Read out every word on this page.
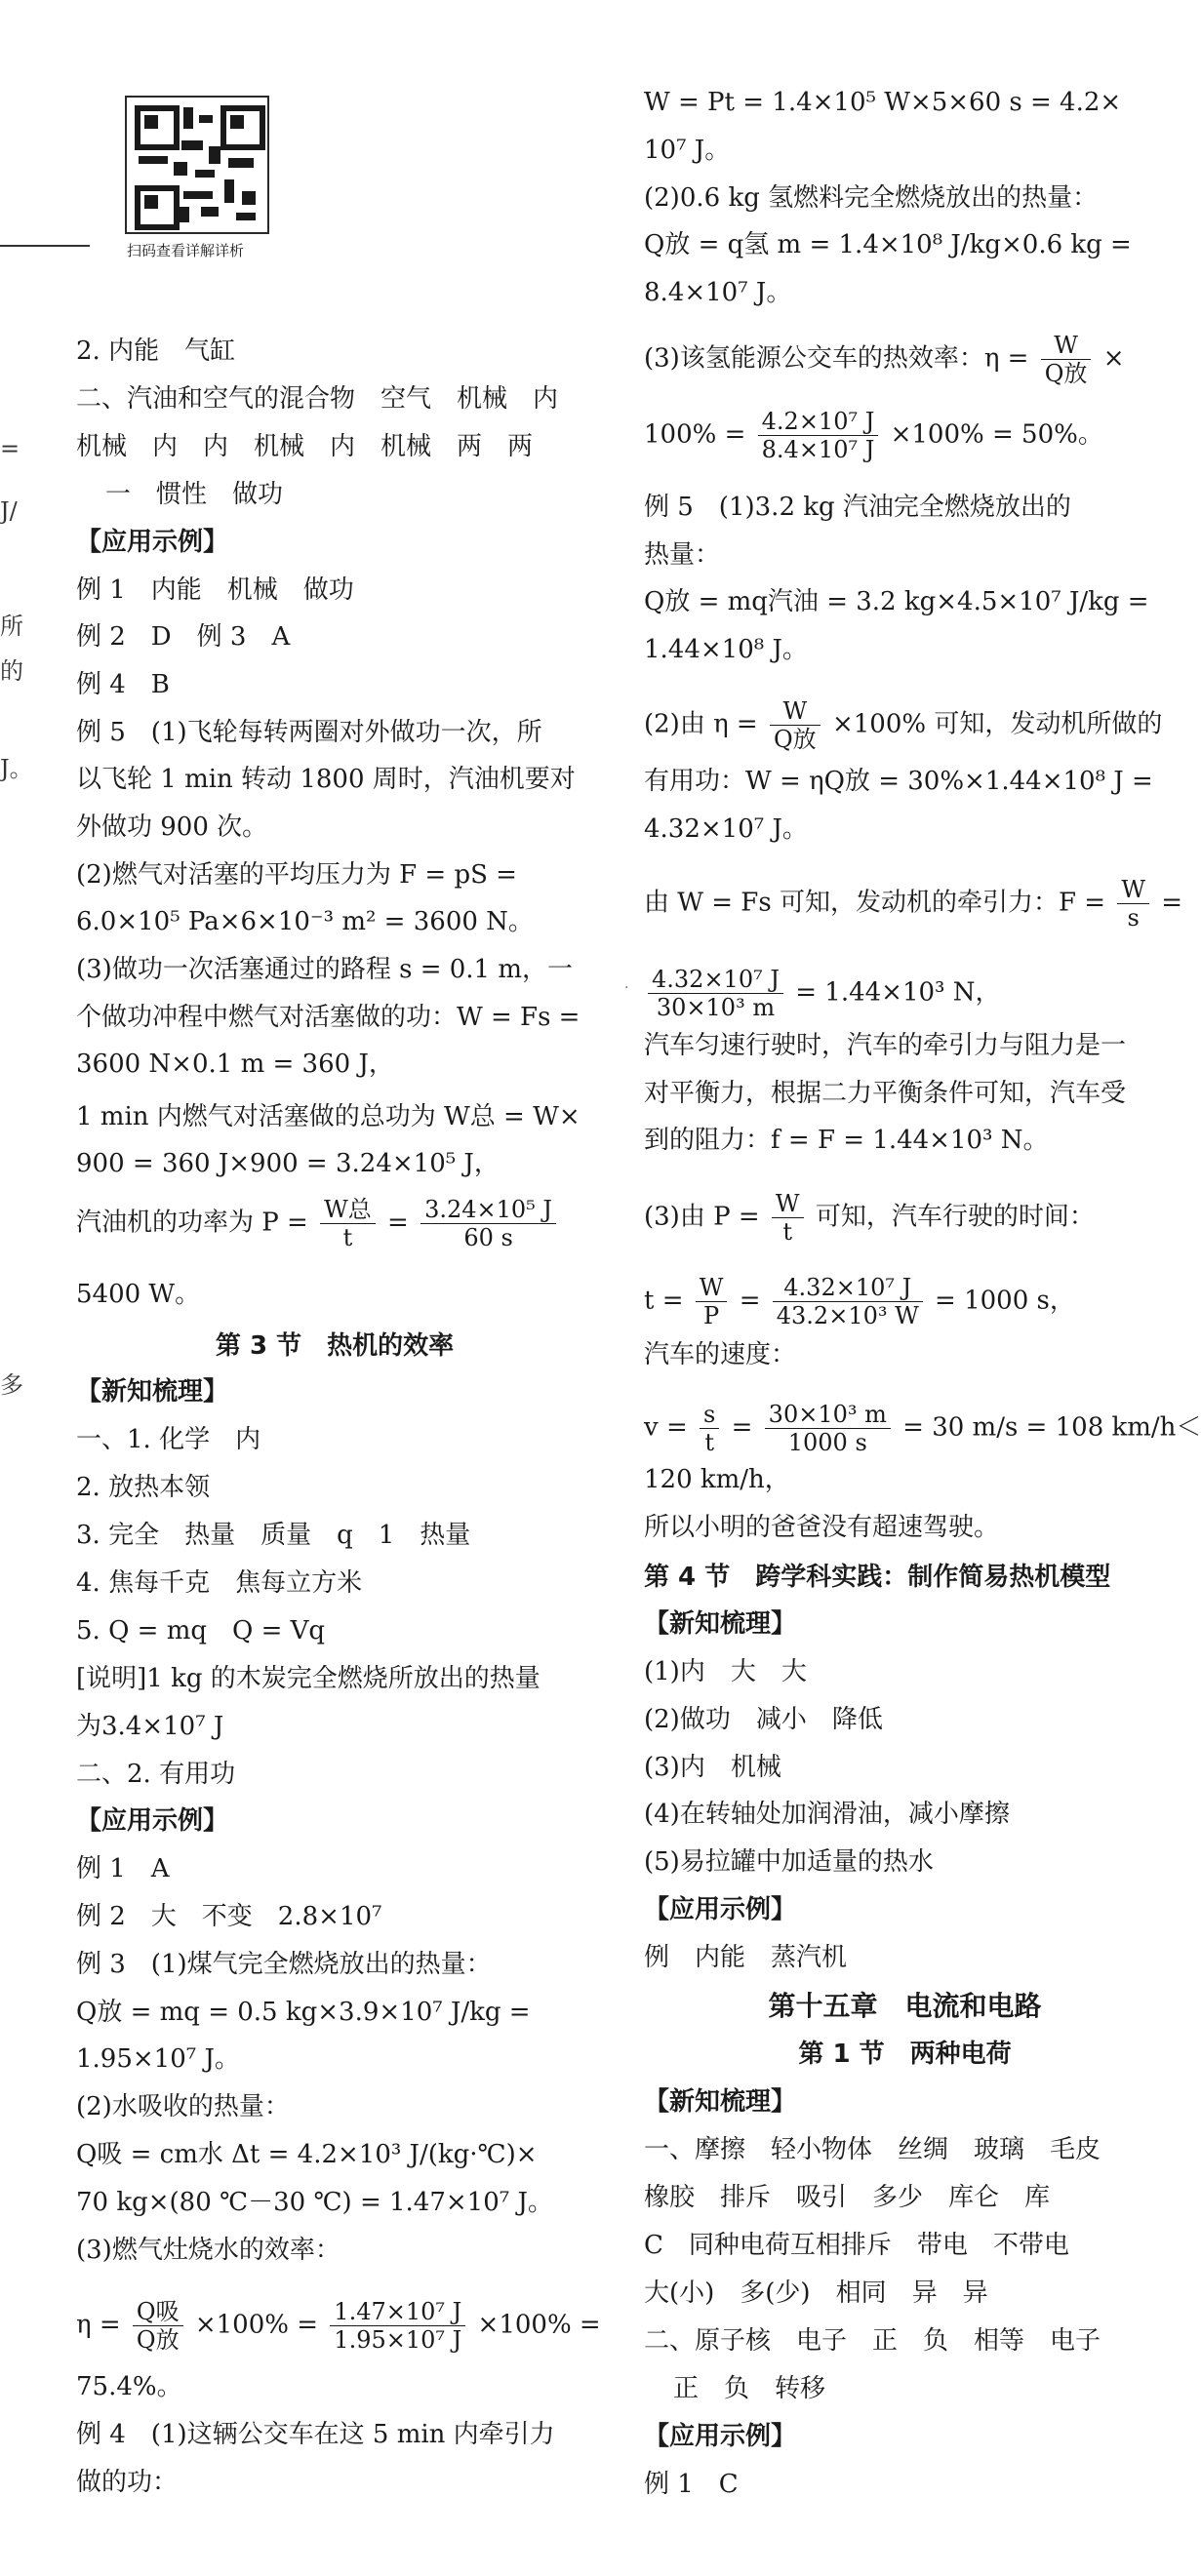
=
J/
所
的
J。
多
扫码查看详解详析
2. 内能　气缸
二、汽油和空气的混合物　空气　机械　内
机械　内　内　机械　内　机械　两　两
一　惯性　做功
【应用示例】
例 1　内能　机械　做功
例 2　D　例 3　A
例 4　B
例 5　(1)飞轮每转两圈对外做功一次，所
以飞轮 1 min 转动 1800 周时，汽油机要对
外做功 900 次。
(2)燃气对活塞的平均压力为 F = pS =
6.0×10⁵ Pa×6×10⁻³ m² = 3600 N。
(3)做功一次活塞通过的路程 s = 0.1 m，一
个做功冲程中燃气对活塞做的功：W = Fs =
3600 N×0.1 m = 360 J，
1 min 内燃气对活塞做的总功为 W总 = W×
900 = 360 J×900 = 3.24×10⁵ J，
汽油机的功率为 $P = \frac{\text{W总}}{t} = \frac{\text{3.24×10⁵ J}}{60 s}$
5400 W。
第 3 节　热机的效率
【新知梳理】
一、1. 化学　内
2. 放热本领
3. 完全　热量　质量　q　1　热量
4. 焦每千克　焦每立方米
5. Q = mq　Q = Vq
[说明]1 kg 的木炭完全燃烧所放出的热量
为3.4×10⁷ J
二、2. 有用功
【应用示例】
例 1　A
例 2　大　不变　2.8×10⁷
例 3　(1)煤气完全燃烧放出的热量：
Q放 = mq = 0.5 kg×3.9×10⁷ J/kg =
1.95×10⁷ J。
(2)水吸收的热量：
Q吸 = cm水 Δt = 4.2×10³ J/(kg·℃)×
70 kg×(80 ℃－30 ℃) = 1.47×10⁷ J。
(3)燃气灶烧水的效率：
$\eta = \frac{\text{Q吸}}{\text{Q放}} \times 100\% = \frac{\text{1.47×10⁷ J}}{\text{1.95×10⁷ J}} \times 100\%$ =
75.4%。
例 4　(1)这辆公交车在这 5 min 内牵引力
做的功：
·
W = Pt = 1.4×10⁵ W×5×60 s = 4.2×
10⁷ J。
(2)0.6 kg 氢燃料完全燃烧放出的热量：
Q放 = q氢 m = 1.4×10⁸ J/kg×0.6 kg =
8.4×10⁷ J。
(3)该氢能源公交车的热效率：$\eta = \frac{W}{\text{Q放}}$ ×
$100\% = \frac{\text{4.2×10⁷ J}}{\text{8.4×10⁷ J}} \times 100\% = 50\%$。
例 5　(1)3.2 kg 汽油完全燃烧放出的
热量：
Q放 = mq汽油 = 3.2 kg×4.5×10⁷ J/kg =
1.44×10⁸ J。
(2)由 $\eta = \frac{W}{\text{Q放}} \times 100\%$ 可知，发动机所做的
有用功：W = ηQ放 = 30%×1.44×10⁸ J =
4.32×10⁷ J。
由 W = Fs 可知，发动机的牵引力：$F = \frac{W}{s}$ =
$\frac{\text{4.32×10⁷ J}}{\text{30×10³ m}} = 1.44\times 10^3$ N，
汽车匀速行驶时，汽车的牵引力与阻力是一
对平衡力，根据二力平衡条件可知，汽车受
到的阻力：f = F = 1.44×10³ N。
(3)由 $P = \frac{W}{t}$ 可知，汽车行驶的时间：
$t = \frac{W}{P} = \frac{\text{4.32×10⁷ J}}{\text{43.2×10³ W}} = 1000$ s，
汽车的速度：
$v = \frac{s}{t} = \frac{\text{30×10³ m}}{1000 s} = 30$ m/s = 108 km/h＜
120 km/h，
所以小明的爸爸没有超速驾驶。
第 4 节　跨学科实践：制作简易热机模型
【新知梳理】
(1)内　大　大
(2)做功　减小　降低
(3)内　机械
(4)在转轴处加润滑油，减小摩擦
(5)易拉罐中加适量的热水
【应用示例】
例　内能　蒸汽机
第十五章　电流和电路
第 1 节　两种电荷
【新知梳理】
一、摩擦　轻小物体　丝绸　玻璃　毛皮
橡胶　排斥　吸引　多少　库仑　库
C　同种电荷互相排斥　带电　不带电
大(小)　多(少)　相同　异　异
二、原子核　电子　正　负　相等　电子
正　负　转移
【应用示例】
例 1　C
